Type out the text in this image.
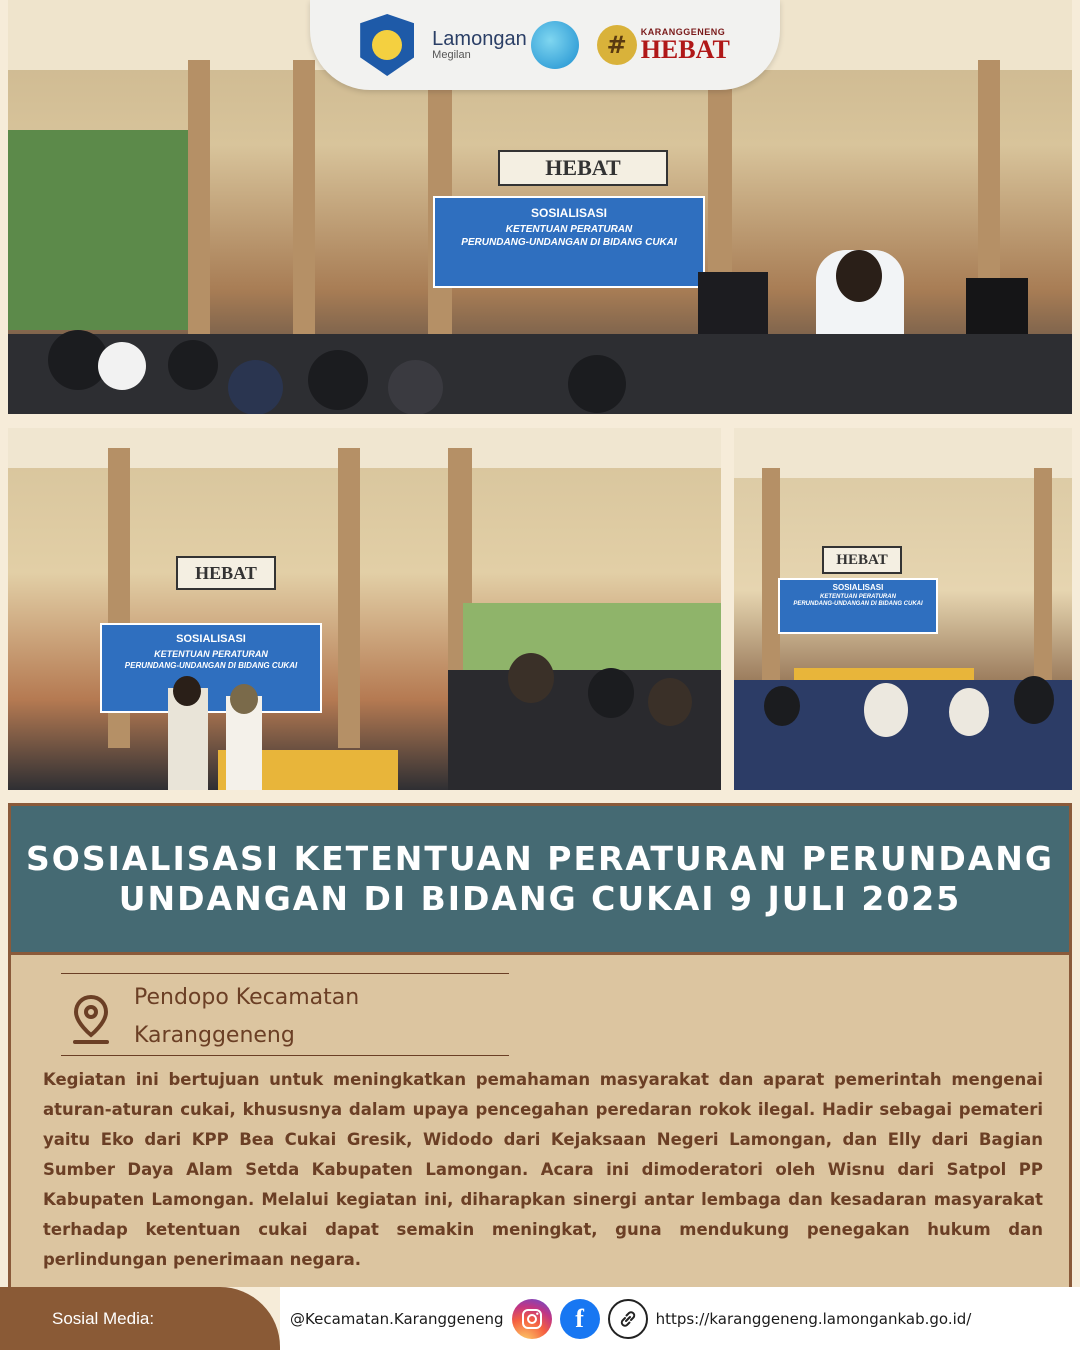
Lamongan
Megilan	#	KARANGGENENG
HEBAT
HEBAT
SOSIALISASI
KETENTUAN PERATURAN
PERUNDANG-UNDANGAN DI BIDANG CUKAI
HEBAT
SOSIALISASI
KETENTUAN PERATURAN
PERUNDANG-UNDANGAN DI BIDANG CUKAI
HEBAT
SOSIALISASI
KETENTUAN PERATURAN
PERUNDANG-UNDANGAN DI BIDANG CUKAI
SOSIALISASI KETENTUAN PERATURAN PERUNDANG
UNDANGAN DI BIDANG CUKAI 9 JULI 2025
Pendopo Kecamatan
Karanggeneng

Kegiatan ini bertujuan untuk meningkatkan pemahaman masyarakat dan aparat pemerintah mengenai aturan-aturan cukai, khususnya dalam upaya pencegahan peredaran rokok ilegal. Hadir sebagai pemateri yaitu Eko dari KPP Bea Cukai Gresik, Widodo dari Kejaksaan Negeri Lamongan, dan Elly dari Bagian Sumber Daya Alam Setda Kabupaten Lamongan. Acara ini dimoderatori oleh Wisnu dari Satpol PP Kabupaten Lamongan. Melalui kegiatan ini, diharapkan sinergi antar lembaga dan kesadaran masyarakat terhadap ketentuan cukai dapat semakin meningkat, guna mendukung penegakan hukum dan perlindungan penerimaan negara.

Sosial Media:	@Kecamatan.Karanggeneng	f	https://karanggeneng.lamongankab.go.id/
